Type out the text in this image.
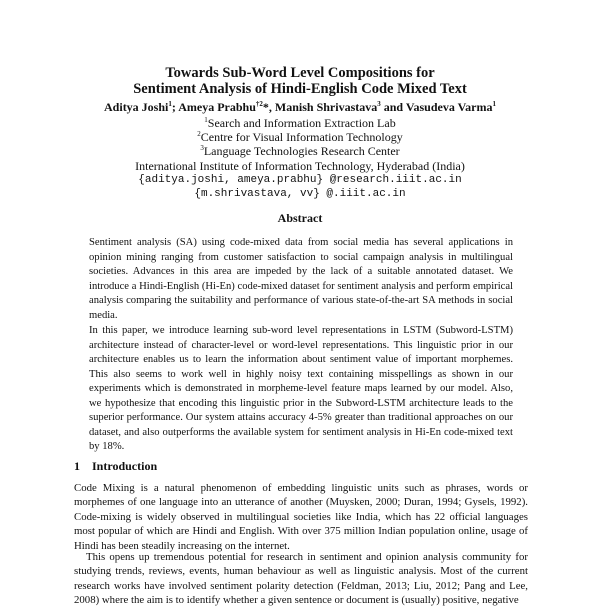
Towards Sub-Word Level Compositions for
Sentiment Analysis of Hindi-English Code Mixed Text
Aditya Joshi$^1$; Ameya Prabhu$^{\dagger 2}$*, Manish Shrivastava$^3$ and Vasudeva Varma$^1$
$^1$Search and Information Extraction Lab
$^2$Centre for Visual Information Technology
$^3$Language Technologies Research Center
International Institute of Information Technology, Hyderabad (India)
{aditya.joshi, ameya.prabhu} @research.iiit.ac.in
{m.shrivastava, vv} @.iiit.ac.in
Abstract

Sentiment analysis (SA) using code-mixed data from social media has several applications in opinion mining ranging from customer satisfaction to social campaign analysis in multilingual societies. Advances in this area are impeded by the lack of a suitable annotated dataset. We introduce a Hindi-English (Hi-En) code-mixed dataset for sentiment analysis and perform empirical analysis comparing the suitability and performance of various state-of-the-art SA methods in social media.

In this paper, we introduce learning sub-word level representations in LSTM (Subword-LSTM) architecture instead of character-level or word-level representations. This linguistic prior in our architecture enables us to learn the information about sentiment value of important morphemes. This also seems to work well in highly noisy text containing misspellings as shown in our experiments which is demonstrated in morpheme-level feature maps learned by our model. Also, we hypothesize that encoding this linguistic prior in the Subword-LSTM architecture leads to the superior performance. Our system attains accuracy 4-5% greater than traditional approaches on our dataset, and also outperforms the available system for sentiment analysis in Hi-En code-mixed text by 18%.

1 Introduction

Code Mixing is a natural phenomenon of embedding linguistic units such as phrases, words or morphemes of one language into an utterance of another (Muysken, 2000; Duran, 1994; Gysels, 1992). Code-mixing is widely observed in multilingual societies like India, which has 22 official languages most popular of which are Hindi and English. With over 375 million Indian population online, usage of Hindi has been steadily increasing on the internet.

This opens up tremendous potential for research in sentiment and opinion analysis community for studying trends, reviews, events, human behaviour as well as linguistic analysis. Most of the current research works have involved sentiment polarity detection (Feldman, 2013; Liu, 2012; Pang and Lee, 2008) where the aim is to identify whether a given sentence or document is (usually) positive, negative
